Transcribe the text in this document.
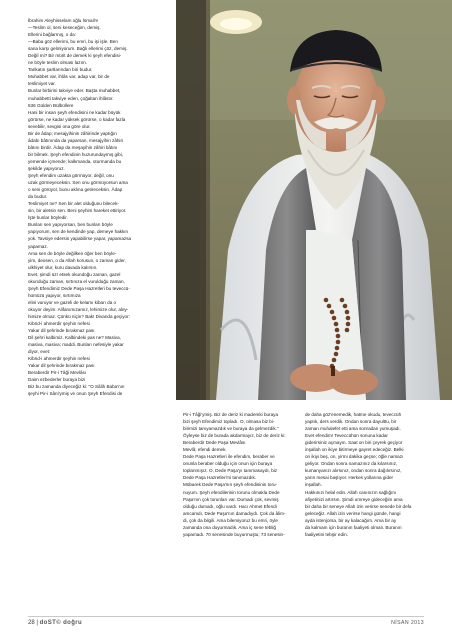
İbrahim Aleyhisselam oğlu İsmail'e

—Teslim ol, seni keseceğim, demiş.

Ellerini bağlarmış, o da:

—Baba göz ellerimi, bu emri, bu işi işle. Ben

sana karşı gelmiyorum. Bağlı ellerimi çöz, demiş.

Değil mi? Bir mürit de demek ki şeyh efendisi-

ne böyle teslim olması lazım.

Tarikatın şartlarından biri budur.

Muhabbet var, ihlâs var, adap var, bir de

teslimiyet var.

Bunlar birbirini takviye eder. Başta muhabbet,

muhabbetti takviye eden, çoğaltan ihlâstır.

536 Gülden Bülbüllere

Hani bir insan şeyh efendisini ne kadar büyük

görürse, ne kadar yüksek görürse, o kadar fazla

sevebilir, sevgisi ona göre olur.

Bir de âdap; mesajyihinin zâhirinde yaptığın

âdabı bâtınında da yaparsan, mesajyihin zâhiri

bâtını birdir. Âdap da meşayihin zâhiri bâtını

bir bilmek. Şeyh efendinin huzurundaymış gibi,

yemende içmende; kalkmanda, oturmanda bu

şekilde yapıyoruz.

Şeyh efendim uzakta görmüyor, değil, onu

uzak görmeyeceksin. Sen onu görmüyorsun ama

o seni görüyor, bunu aklına getireceksin. Âdap

da budur.

Teslimiyet ne? Sen bir alet olduğunu bilecek-

sin, bir aletsin sen. Beni şeyhim hareket ettiriyor.

İşte bunlar böyledir.

Bunları sen yapıyorsan, ben bunları böyle

yapıyorum, sen de kendinde yap, demeye hakkın

yok. Tavsiye edersin yapabilirse yapar, yapamazsa

yapamaz.

Ama sen de böyle değilken öğer ben böyle-

yim, deosen, o da Allah korusun, o zaman gider,

ulkhiyet olur, kuru davada kalırsın.

Evet, şimdi üzr etsek okundoğu zaman, gazel

okunduğu zaman, sırtınıza el vurulduğu zaman,

Şeyh Efendimiz Dede Paşa Hazretleri bu teveccü-

hümüzü yapıyor, sırtımıza

elini vuruyor ve gazeli de kelamı kibarı da o

okuyor deyim. Alifanımızamız, lehimize olur, aley-

himize olmaz. Çünkü niçin? Bak! Divanda geçiyor:

Kibrid-i ahmerdir şeyhin nefesi

Yakar dil şehrinde bırakmaz pası

Dil şehri kalbimiz. Kalbindeki pas ne? Masiva,

masiva, masiva; maddi. Bunları nefesiyle yakar

diyor, evet:

Kibrid-i ahmerdir şeyhin nefesi

Yakar dil şehrinde bırakmaz pası

Beraberdir Pir-i Tâği Mevlâsı

Daim ezbederler buraya bizi

Biz bu zamanda diyeceğiz ki: "O Sâlih Baba'nın

şeyhi Pir-i Sâni'ymiş ve onun Şeyh Efendisi de

Pir-i Tâği'ymiş. Biz de deriz ki mademki buraya

bizi şeyh Efendimiz topladı. O, olmasa biz bi-

birimizi tanıyamazdık ve buraya da gelmezdik."

Öyleyse biz de burada akdarmayız, biz de deriz ki:

Beraberdir Dede Paşa Mevlâsı

Mevlâ; efendi demek.

Dede Paşa Hazretleri ile efendim, beraber ve

onunla beraber olduğu için onun için buraya

toplanmışız. O, Dede Paşa'yı tanımasaydı, biz

Dede Paşa Hazretleri'ni tanımazdık.

Mübarek Dede Paşa'nın şeyh efendisinin toru-

nuyum. Şeyh efendilerinin torunu olmakla Dede

Paşa'nın çok torunları var. Dumadı çok, sevmiş

olduğu dumadı, oğlu vardı. Hacı Ahmet Efendi

amcamdı, Dede Paşa'nın damadıydı. Çok da âlim-

di, çok da bilgili. Ama bilemiyoruz bu emri, öyle

zamanda ona duyurmadık. Ama iç sene tebliğ

yapamadı. 70 senesinde buyurmuştu; 73 senesin-

de daha göz'enemedik, hatme okudu, teveccüh

yaptık, ders verdik. Ondan sonra dayulttu, bir

zaman muhalefet etti ama sonradan yumuşadı.

Evet efendim! Teveccühün sonuna kadar

giderirsiniz açmayın. Saat on biri çeyrek geçiyor

inşallah on ikiye bitirmeye gayret edeceğiz. Belki

on ikiyi beş, on, yirmi dakika geçse; öğle namazı

geliyor. Ondan sonra namazınız da kılarsınız,

kumanyanızı alırsınız, ondan sonra dağılırsınız,

yarın mesai başlıyor. Herkes yollarına gider

inşallah.

Hakkınızı helal edin. Allah canınızın sağlığını

afiyetinizi artırsın. Şimdi umreye gideceğim ama

bir daha bir seneye Allah izin verirse senede bir defa

geleceğiz. Allah izin verirse hangi günde, hangi

ayda istenjorsa, bir ay kalacağım. Ama bir ay

da kalmam için buranın faaliyeti olmalı. Buranın

faaliyetini tebşir edin.

28 | doST© doğru	NİSAN 2013
